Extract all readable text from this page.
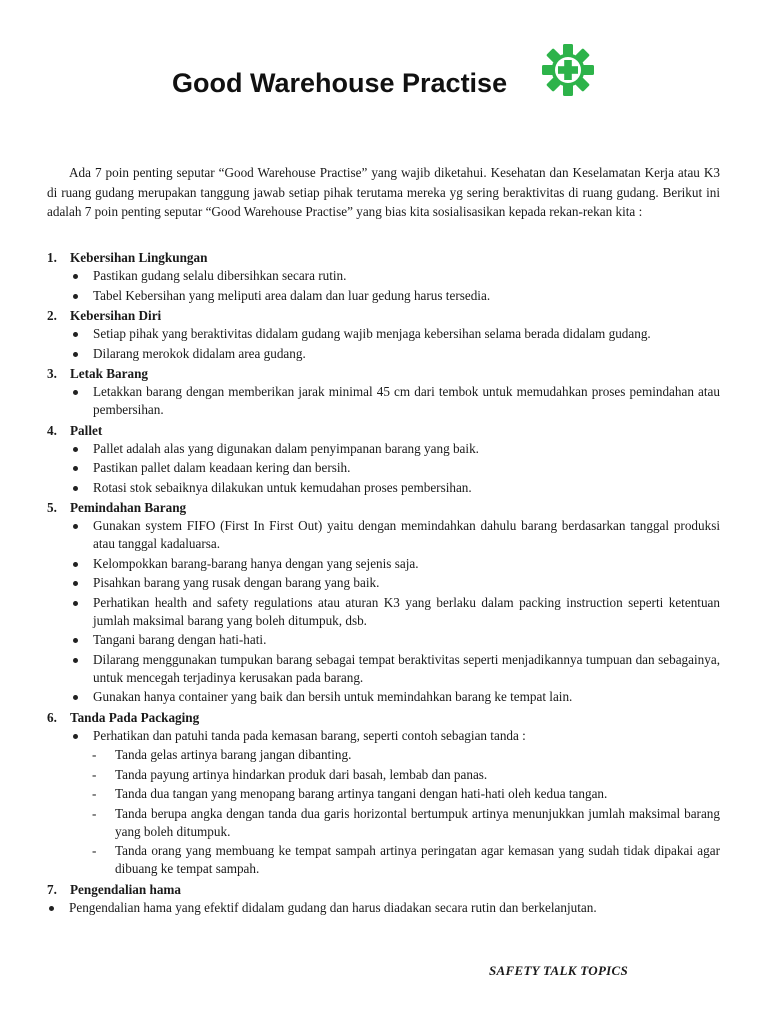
Good Warehouse Practise

Ada 7 poin penting seputar “Good Warehouse Practise” yang wajib diketahui. Kesehatan dan Keselamatan Kerja atau K3 di ruang gudang merupakan tanggung jawab setiap pihak terutama mereka yg sering beraktivitas di ruang gudang. Berikut ini adalah 7 poin penting seputar “Good Warehouse Practise” yang bias kita sosialisasikan kepada rekan-rekan kita :

1. Kebersihan Lingkungan
Pastikan gudang selalu dibersihkan secara rutin.
Tabel Kebersihan yang meliputi area dalam dan luar gedung harus tersedia.
2. Kebersihan Diri
Setiap pihak yang beraktivitas didalam gudang wajib menjaga kebersihan selama berada didalam gudang.
Dilarang merokok didalam area gudang.
3. Letak Barang
Letakkan barang dengan memberikan jarak minimal 45 cm dari tembok untuk memudahkan proses pemindahan atau pembersihan.
4. Pallet
Pallet adalah alas yang digunakan dalam penyimpanan barang yang baik.
Pastikan pallet dalam keadaan kering dan bersih.
Rotasi stok sebaiknya dilakukan untuk kemudahan proses pembersihan.
5. Pemindahan Barang
Gunakan system FIFO (First In First Out) yaitu dengan memindahkan dahulu barang berdasarkan tanggal produksi atau tanggal kadaluarsa.
Kelompokkan barang-barang hanya dengan yang sejenis saja.
Pisahkan barang yang rusak dengan barang yang baik.
Perhatikan health and safety regulations atau aturan K3 yang berlaku dalam packing instruction seperti ketentuan jumlah maksimal barang yang boleh ditumpuk, dsb.
Tangani barang dengan hati-hati.
Dilarang menggunakan tumpukan barang sebagai tempat beraktivitas seperti menjadikannya tumpuan dan sebagainya, untuk mencegah terjadinya kerusakan pada barang.
Gunakan hanya container yang baik dan bersih untuk memindahkan barang ke tempat lain.
6. Tanda Pada Packaging
Perhatikan dan patuhi tanda pada kemasan barang, seperti contoh sebagian tanda :
- Tanda gelas artinya barang jangan dibanting.
- Tanda payung artinya hindarkan produk dari basah, lembab dan panas.
- Tanda dua tangan yang menopang barang artinya tangani dengan hati-hati oleh kedua tangan.
- Tanda berupa angka dengan tanda dua garis horizontal bertumpuk artinya menunjukkan jumlah maksimal barang yang boleh ditumpuk.
- Tanda orang yang membuang ke tempat sampah artinya peringatan agar kemasan yang sudah tidak dipakai agar dibuang ke tempat sampah.
7. Pengendalian hama
Pengendalian hama yang efektif didalam gudang dan harus diadakan secara rutin dan berkelanjutan.
SAFETY TALK TOPICS
